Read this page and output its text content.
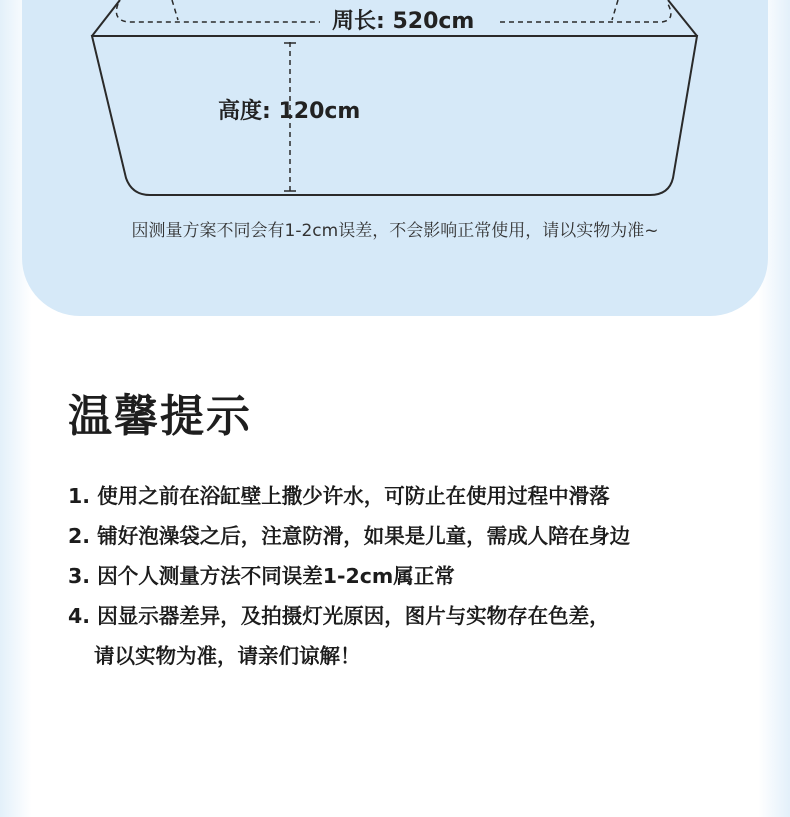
周长: 520cm
高度: 120cm
因测量方案不同会有1-2cm误差，不会影响正常使用，请以实物为准~
温馨提示
1. 使用之前在浴缸壁上撒少许水，可防止在使用过程中滑落
2. 铺好泡澡袋之后，注意防滑，如果是儿童，需成人陪在身边
3. 因个人测量方法不同误差1-2cm属正常
4. 因显示器差异，及拍摄灯光原因，图片与实物存在色差，
请以实物为准，请亲们谅解！
